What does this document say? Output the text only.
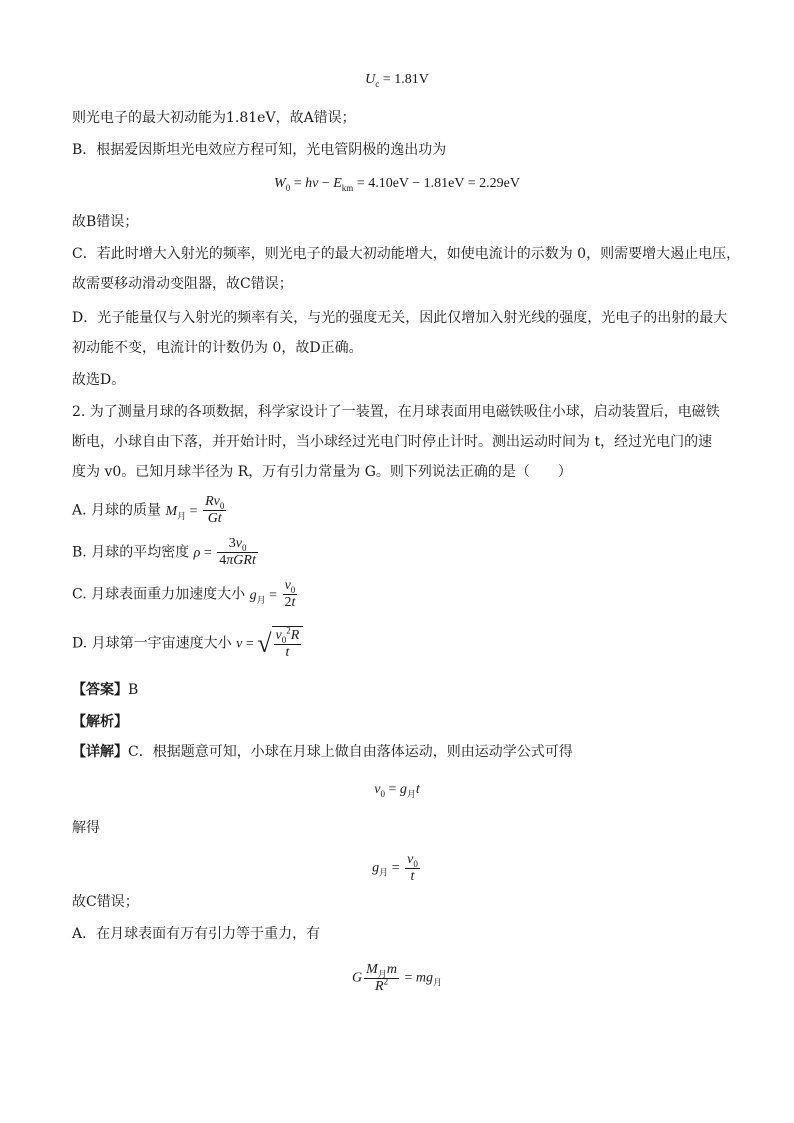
$U_c = 1.81V$
则光电子的最大初动能为1.81eV，故A错误；
B．根据爱因斯坦光电效应方程可知，光电管阴极的逸出功为
$W_0 = h\nu - E_{km} = 4.10eV - 1.81eV = 2.29eV$
故B错误；
C．若此时增大入射光的频率，则光电子的最大初动能增大，如使电流计的示数为 0，则需要增大遏止电压，
故需要移动滑动变阻器，故C错误；
D．光子能量仅与入射光的频率有关，与光的强度无关，因此仅增加入射光线的强度，光电子的出射的最大
初动能不变，电流计的计数仍为 0，故D正确。
故选D。
2. 为了测量月球的各项数据，科学家设计了一装置，在月球表面用电磁铁吸住小球，启动装置后，电磁铁
断电，小球自由下落，并开始计时，当小球经过光电门时停止计时。测出运动时间为 t，经过光电门的速
度为 v0。已知月球半径为 R，万有引力常量为 G。则下列说法正确的是（　　）
A. 月球的质量 $M_月 = \frac{Rv_0}{Gt}$
B. 月球的平均密度 $\rho = \frac{3v_0}{\text{4πGRt}}$
C. 月球表面重力加速度大小 $g_月 = \frac{v_0}{2t}$
D. 月球第一宇宙速度大小 v = √ $\frac{v_0^2R}{t}$
【答案】B
【解析】
【详解】C．根据题意可知，小球在月球上做自由落体运动，则由运动学公式可得
$v_0 = g_月t$
解得
$g_月 = \frac{v_0}{t}$
故C错误；
A．在月球表面有万有引力等于重力，有
G $\frac{M_月m}{R^2} = mg_月$
